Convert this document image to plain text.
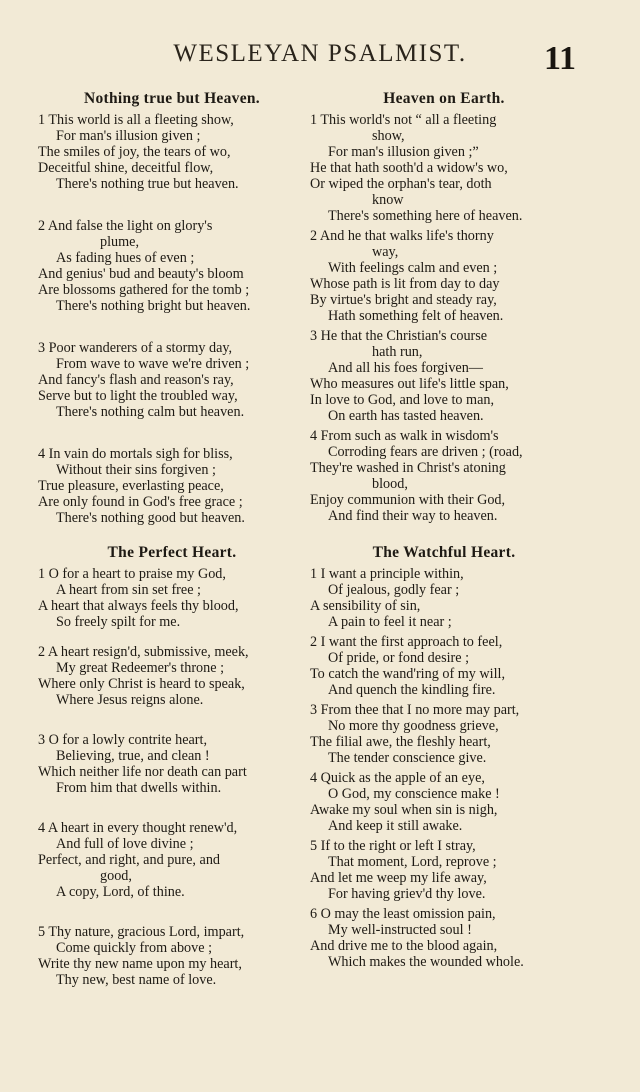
WESLEYAN PSALMIST.	11
Nothing true but Heaven.
1 This world is all a fleeting show,
For man's illusion given ;
The smiles of joy, the tears of wo,
Deceitful shine, deceitful flow,
There's nothing true but heaven.
2 And false the light on glory's
plume,
As fading hues of even ;
And genius' bud and beauty's bloom
Are blossoms gathered for the tomb ;
There's nothing bright but heaven.
3 Poor wanderers of a stormy day,
From wave to wave we're driven ;
And fancy's flash and reason's ray,
Serve but to light the troubled way,
There's nothing calm but heaven.
4 In vain do mortals sigh for bliss,
Without their sins forgiven ;
True pleasure, everlasting peace,
Are only found in God's free grace ;
There's nothing good but heaven.
Heaven on Earth.
1 This world's not “ all a fleeting
show,
For man's illusion given ;”
He that hath sooth'd a widow's wo,
Or wiped the orphan's tear, doth
know
There's something here of heaven.
2 And he that walks life's thorny
way,
With feelings calm and even ;
Whose path is lit from day to day
By virtue's bright and steady ray,
Hath something felt of heaven.
3 He that the Christian's course
hath run,
And all his foes forgiven—
Who measures out life's little span,
In love to God, and love to man,
On earth has tasted heaven.
4 From such as walk in wisdom's
Corroding fears are driven ; (road,
They're washed in Christ's atoning
blood,
Enjoy communion with their God,
And find their way to heaven.
The Perfect Heart.
1 O for a heart to praise my God,
A heart from sin set free ;
A heart that always feels thy blood,
So freely spilt for me.
2 A heart resign'd, submissive, meek,
My great Redeemer's throne ;
Where only Christ is heard to speak,
Where Jesus reigns alone.
3 O for a lowly contrite heart,
Believing, true, and clean !
Which neither life nor death can part
From him that dwells within.
4 A heart in every thought renew'd,
And full of love divine ;
Perfect, and right, and pure, and
good,
A copy, Lord, of thine.
5 Thy nature, gracious Lord, impart,
Come quickly from above ;
Write thy new name upon my heart,
Thy new, best name of love.
The Watchful Heart.
1 I want a principle within,
Of jealous, godly fear ;
A sensibility of sin,
A pain to feel it near ;
2 I want the first approach to feel,
Of pride, or fond desire ;
To catch the wand'ring of my will,
And quench the kindling fire.
3 From thee that I no more may part,
No more thy goodness grieve,
The filial awe, the fleshly heart,
The tender conscience give.
4 Quick as the apple of an eye,
O God, my conscience make !
Awake my soul when sin is nigh,
And keep it still awake.
5 If to the right or left I stray,
That moment, Lord, reprove ;
And let me weep my life away,
For having griev'd thy love.
6 O may the least omission pain,
My well-instructed soul !
And drive me to the blood again,
Which makes the wounded whole.
